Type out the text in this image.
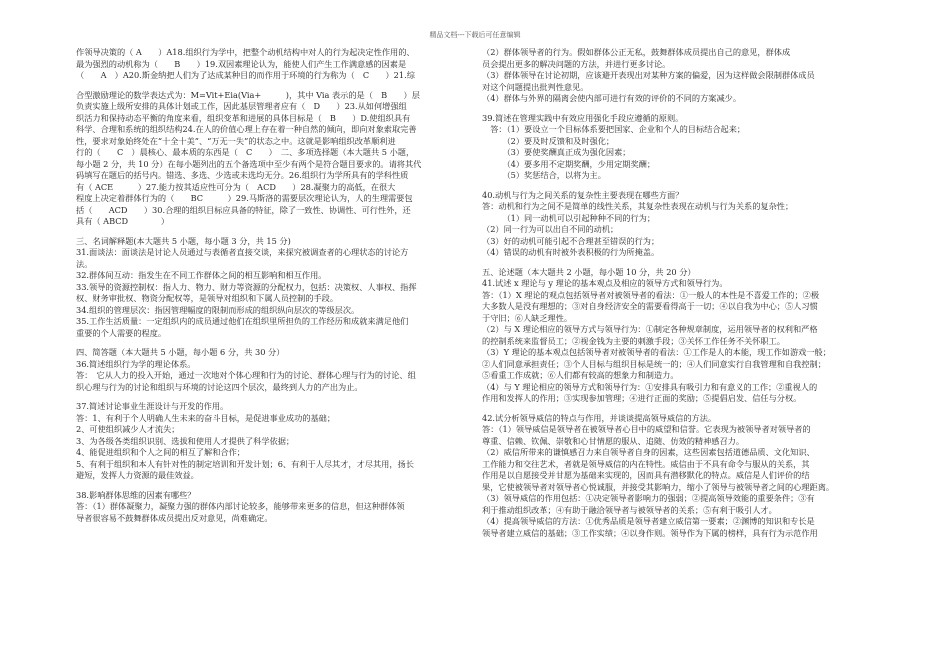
精品文档---下载后可任意编辑

作领导决策的（ A　　）A18.组织行为学中，把整个动机结构中对人的行为起决定性作用的、

最为强烈的动机称为（　　B　　）19.双因素理论认为，能使人们产生工作满意感的因素是

（　　A　）A20.斯金纳把人们为了达成某种目的而作用于环境的行为称为（　C　　）21.综

合型激励理论的数学表达式为：M=Vit+Eia(Via+　　　)，其中 Via 表示的是（　B　　）层

负责实施上级所安排的具体计划或工作，因此基层管理者应有（　D　　）23.从如何增强组

织活力和保持动态平衡的角度来看，组织变革和进展的具体目标是（　B　　）D.使组织具有

科学、合理和系统的组织结构24.在人的价值心理上存在着一种自然的倾向，即向对象索取完善

性，要求对象始终处在“十全十美”、“万无一失”的状态之中。这就是影响组织改革顺利进

行的（　　C　）晨核心、最本质的东西是（　C　　）　二、多项选择题（本大题共 5 小题，

每小题 2 分，共 10 分）在每小题列出的五个备选项中至少有两个是符合题目要求的。请将其代

码填写在题后的括号内。错选、多选、少选或未选均无分。26.组织行为学所具有的学科性质

有（ ACE　　　）27.能力按其适应性可分为（　ACD　　）28.凝聚力的高低，在很大

程度上决定着群体行为的（　　BC　　　）29.马斯洛的需要层次理论认为，人的生理需要包

括（　　ACD　　）30.合理的组织目标应具备的特征，除了一致性、协调性、可行性外，还

具有（ ABCD　　　　）

三、名词解释题(本大题共 5 小题，每小题 3 分，共 15 分)

31.面谈法：面谈法是讨论人员通过与表循者直接交谈，来探究被调查者的心理状态的讨论方

法。

32.群体间互动：指发生在不同工作群体之间的相互影响和相互作用。

33.领导的资源控制权：指人力、物力、财力等资源的分配权力，包括：决策权、人事权、指挥

权、财务审批权、物资分配权等，是领导对组织和下属人员控制的手段。

34.组织的管理层次：指因管理幅度的限制而形成的组织纵向层次的等级层次。

35.工作生活质量：一定组织内的成员通过他们在组织里所担负的工作经历和成就来满足他们

重要的个人需要的程度。

四、简答题（本大题共 5 小题，每小题 6 分，共 30 分）

36.简述组织行为学的理论体系。

答：　它从人力的投入开始，通过一次地对个体心理和行为的讨论、群体心理与行为的讨论、组

织心理与行为的讨论和组织与环境的讨论这四个层次，最终到人力的产出为止。

37.简述讨论事业生涯设计与开发的作用。

答：1、有利于个人明确人生未来的奋斗目标，是促进事业成功的基础；

2、可使组织减少人才流失；

3、为各级各类组织识别、选拔和使用人才提供了科学依据；

4、能促进组织和个人之间的相互了解和合作；

5、有利于组织和本人有针对性的制定培训和开发计划；6、有利于人尽其才，才尽其用，扬长

避短，发挥人力资源的最佳效益。

38.影响群体思维的因素有哪些？

答：（1）群体凝聚力，凝聚力强的群体内部讨论较多，能够带来更多的信息，但这种群体领

导者很容易不鼓舞群体成员提出反对意见，尚难确定。

（2）群体领导者的行为。假如群体公正无私，鼓舞群体成员提出自己的意见，群体成

员会提出更多的解决问题的方法，并进行更多讨论。

（3）群体领导在讨论初期，应该避开表现出对某种方案的偏爱，因为这样做会限制群体成员

对这个问题提出批判性意见。

（4）群体与外界的隔离会使内部可进行有效的评价的不同的方案减少。

39.简述在管理实践中有效应用强化手段应遵循的原则。

　答：（1）要设立一个目标体系要把国家、企业和个人的目标结合起来；

　　　（2）要及时反馈和及时强化；

　　　（3）要使奖酬真正成为强化因素；

　　　（4）要多用不定期奖酬，少用定期奖酬；

　　　（5）奖惩结合，以将为主。

40.动机与行为之间关系的复杂性主要表现在哪些方面？

答：动机和行为之间不是简单的线性关系，其复杂性表现在动机与行为关系的复杂性；

　　　（1）同一动机可以引起种种不同的行为；

（2）同一行为可以出自不同的动机；

（3）好的动机可能引起不合理甚至错误的行为；

（4）错误的动机有时被外表积极的行为所掩盖。

五、论述题（本大题共 2 小题，每小题 10 分，共 20 分）

41.试述 x 理论与 y 理论的基本观点及相应的领导方式和领导行为。

答：（1）X 理论的观点包括领导者对被领导者的看法：①一般人的本性是不喜爱工作的；②极

大多数人是没有理想的；③对自身经济安全的需要看得高于一切；④以自我为中心；⑤人习惯

于守旧；⑥人缺乏理性。

（2）与 X 理论相应的领导方式与领导行为：①制定各种规章制度，运用领导者的权利和严格

的控制系统来监督员工；②视金钱为主要的刺激手段；③关怀工作任务不关怀职工。

（3）Y 理论的基本观点包括领导者对被领导者的看法：①工作是人的本能，现工作如游戏一般；

②人们同意承担责任；③个人目标与组织目标是统一的；④人们同意实行自我管理和自我控制；

⑤看重工作成就；⑥人们都有较高的想象力和制造力。

（4）与 Y 理论相应的领导方式和领导行为：①安排具有吸引力和有意义的工作；②重视人的

作用和发挥人的作用；③实现参加管理；④进行正面的奖励；⑤提倡启发、信任与分权。

42.试分析领导威信的特点与作用，并谈谈提高领导威信的方法。

答：（1）领导威信是领导者在被领导者心目中的威望和信誉。它表现为被领导者对领导者的

尊重、信赖、钦佩、崇敬和心甘情愿的服从、追随、仿效的精神感召力。

（2）威信所带来的谦慎感召力来自领导者自身的因素，这些因素包括道德品质、文化知识、

工作能力和交往艺术，者就是领导威信的内在特性。威信由于不具有命令与服从的关系，其

作用是以自愿接受并甘愿为基础来实现的，因而具有潜移默化的特点。威信是人们评价的结

果，它使被领导者对领导者心悦诚服，并接受其影响力，缩小了领导与被领导者之间的心理距离。

（3）领导威信的作用包括：①决定领导者影响力的强弱；②提高领导效能的重要条件；③有

利于推动组织改革；④有助于融洽领导者与被领导者的关系；⑤有利于吸引人才。

（4）提高领导威信的方法：①优秀品质是领导者建立威信第一要素；②渊博的知识和专长是

领导者建立威信的基础；③工作实绩；④以身作则。领导作为下属的榜样，具有行为示范作用
